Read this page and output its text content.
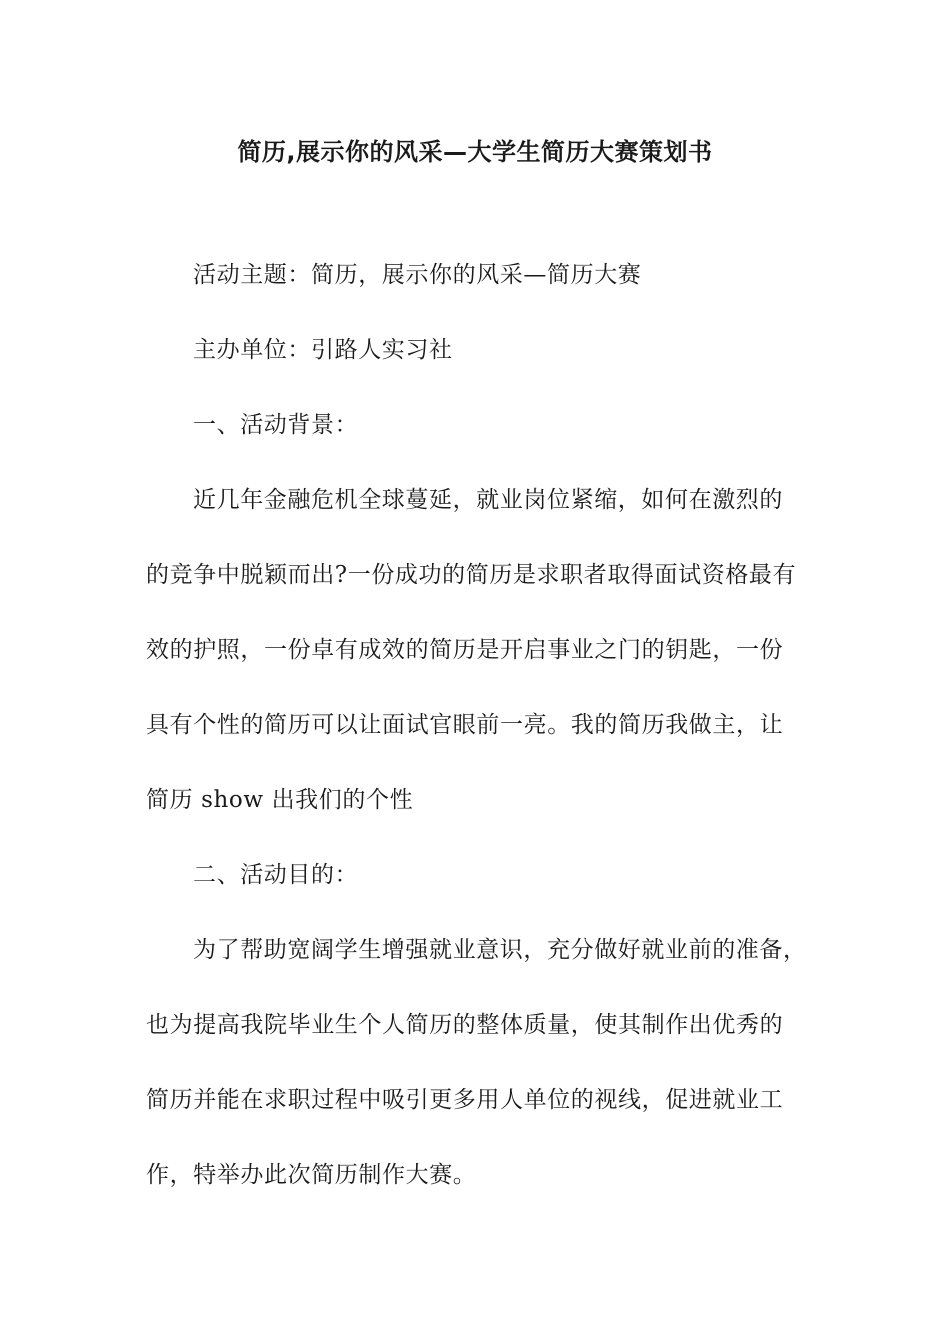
简历,展示你的风采—大学生简历大赛策划书
活动主题：简历，展示你的风采—简历大赛
主办单位：引路人实习社
一、活动背景：
近几年金融危机全球蔓延，就业岗位紧缩，如何在激烈的
的竞争中脱颖而出?一份成功的简历是求职者取得面试资格最有
效的护照，一份卓有成效的简历是开启事业之门的钥匙，一份
具有个性的简历可以让面试官眼前一亮。我的简历我做主，让
简历 show 出我们的个性
二、活动目的：
为了帮助宽阔学生增强就业意识，充分做好就业前的准备，
也为提高我院毕业生个人简历的整体质量，使其制作出优秀的
简历并能在求职过程中吸引更多用人单位的视线，促进就业工
作，特举办此次简历制作大赛。
